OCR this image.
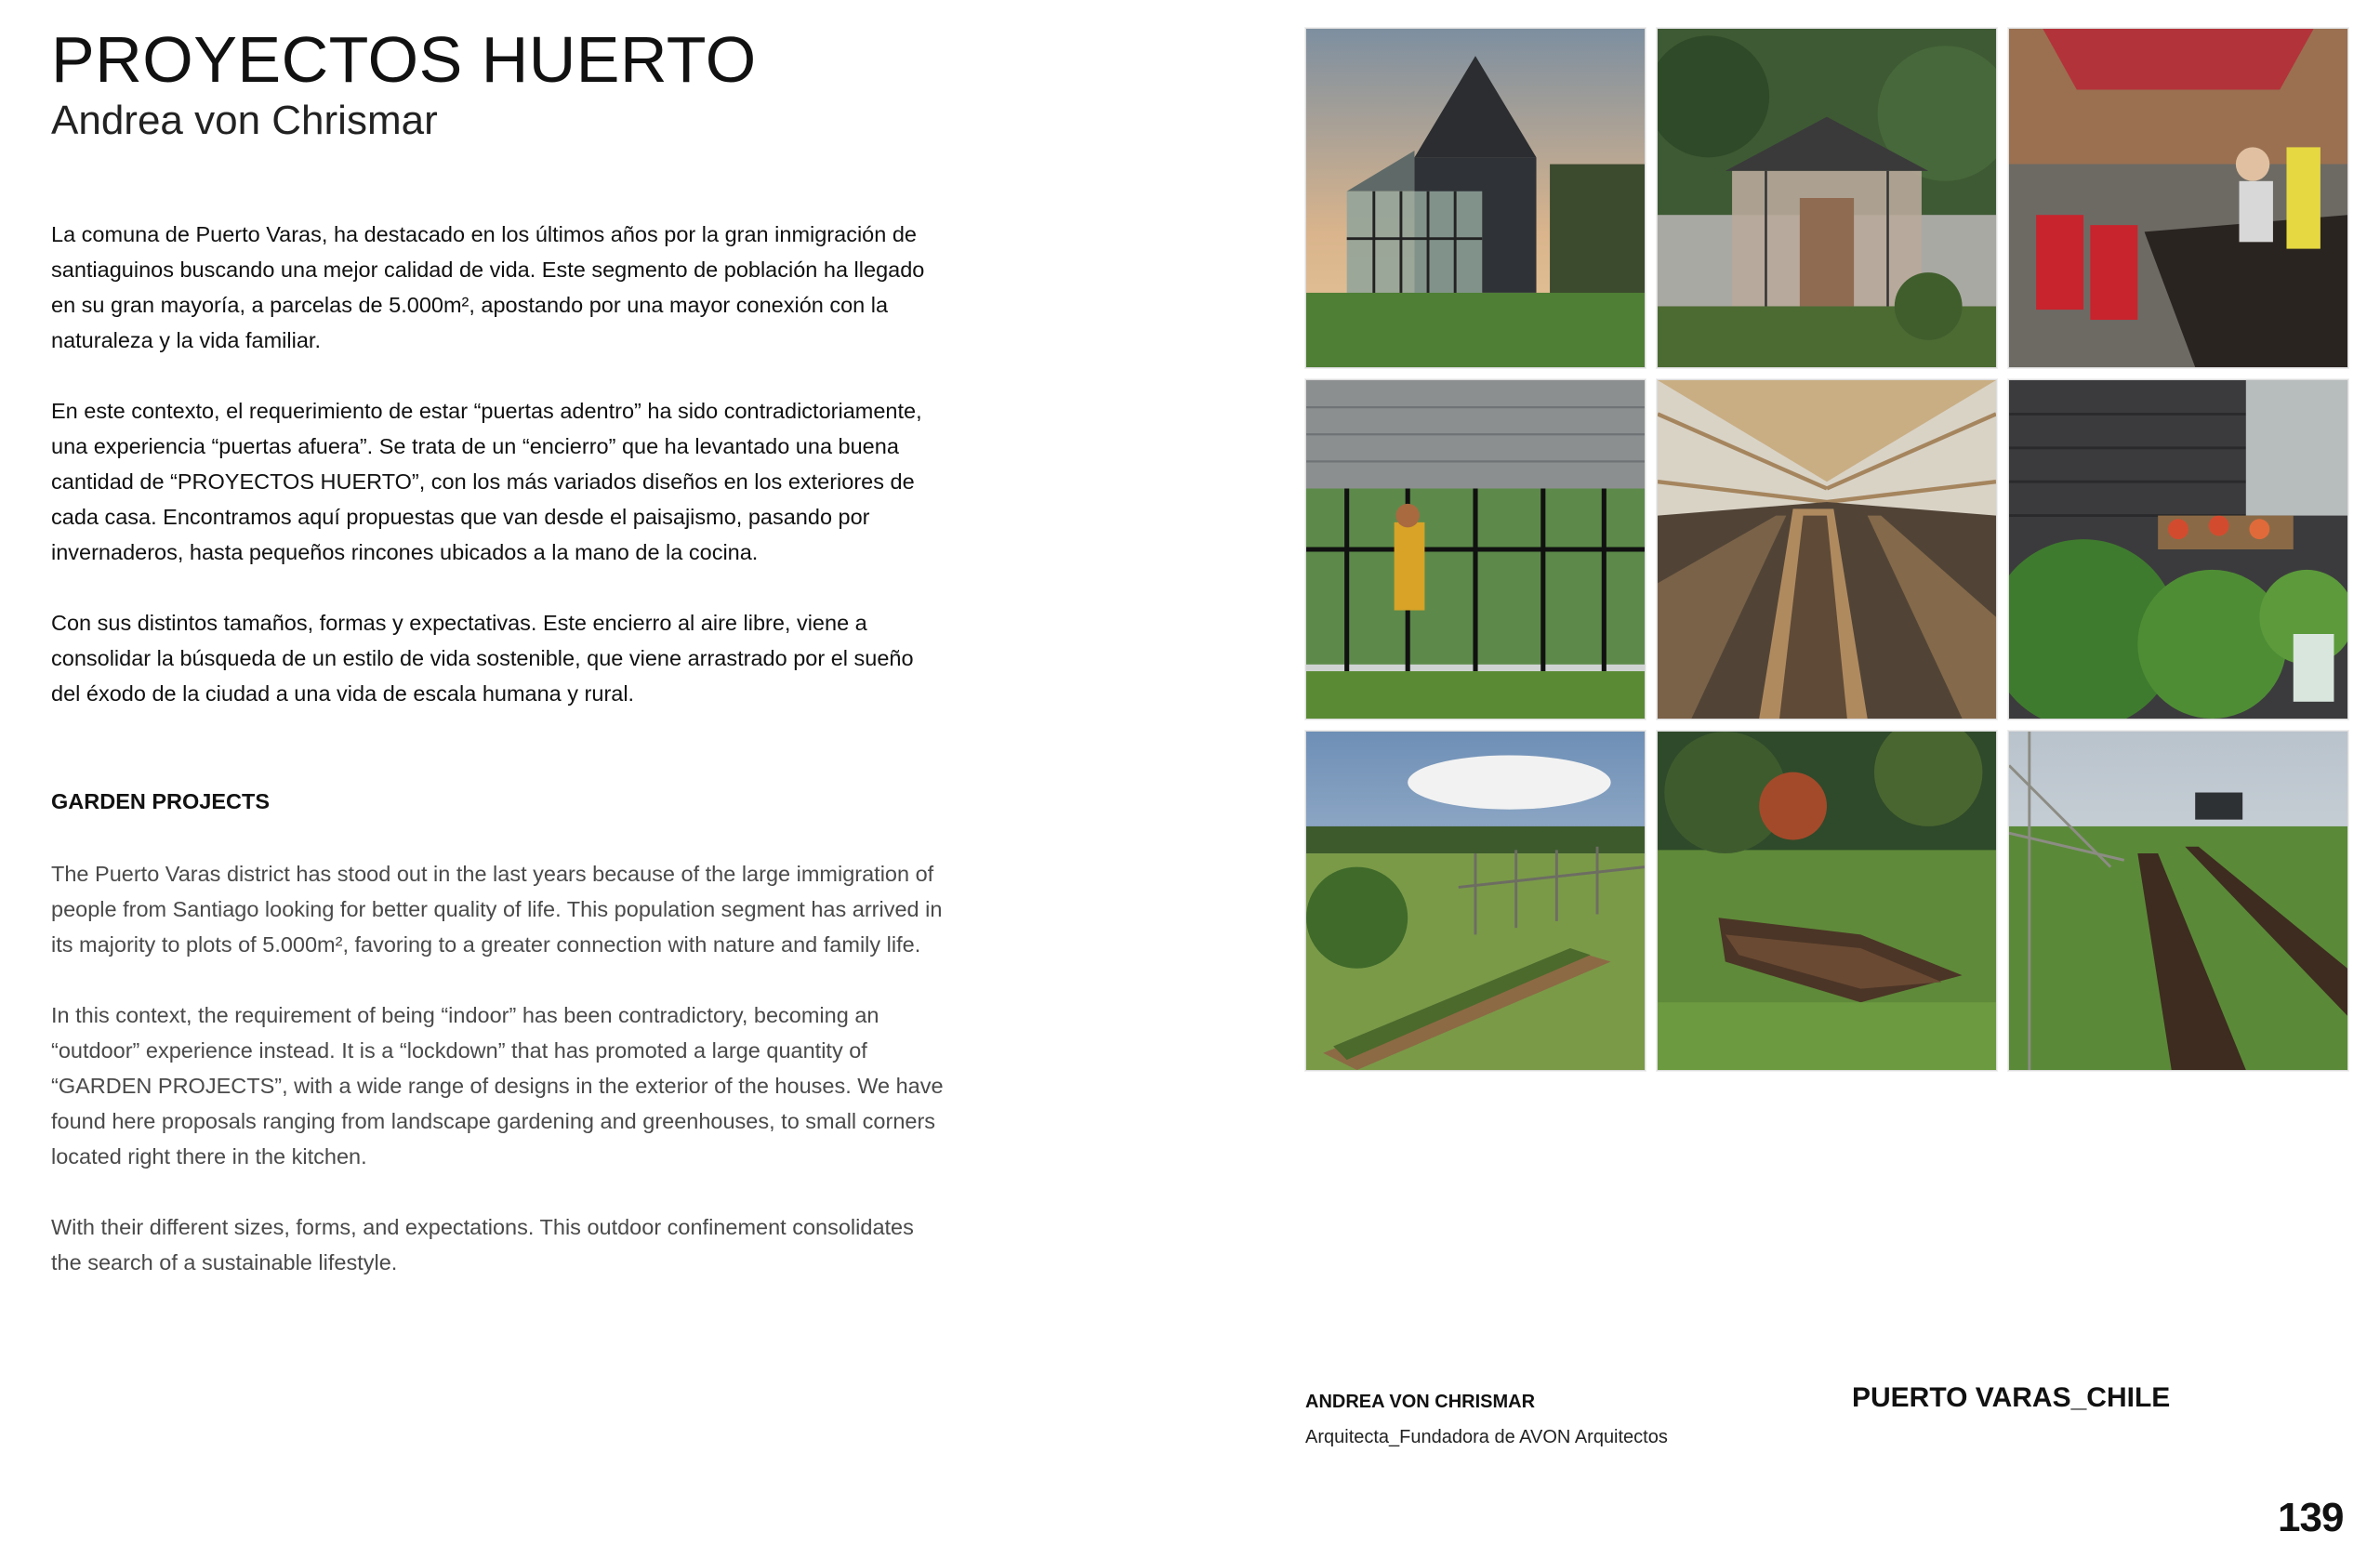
PROYECTOS HUERTO
Andrea von Chrismar

La comuna de Puerto Varas, ha destacado en los últimos años por la gran inmigración de santiaguinos buscando una mejor calidad de vida. Este segmento de población ha llegado en su gran mayoría, a parcelas de 5.000m², apostando por una mayor conexión con la naturaleza y la vida familiar.

En este contexto, el requerimiento de estar “puertas adentro” ha sido contradictoriamente, una experiencia “puertas afuera”. Se trata de un “encierro” que ha levantado una buena cantidad de “PROYECTOS HUERTO”, con los más variados diseños en los exteriores de cada casa. Encontramos aquí propuestas que van desde el paisajismo, pasando por invernaderos, hasta pequeños rincones ubicados a la mano de la cocina.

Con sus distintos tamaños, formas y expectativas. Este encierro al aire libre, viene a consolidar la búsqueda de un estilo de vida sostenible, que viene arrastrado por el sueño del éxodo de la ciudad a una vida de escala humana y rural.

GARDEN PROJECTS

The Puerto Varas district has stood out in the last years because of the large immigration of people from Santiago looking for better quality of life. This population segment has arrived in its majority to plots of 5.000m², favoring to a greater connection with nature and family life.

In this context, the requirement of being “indoor” has been contradictory, becoming an “outdoor” experience instead. It is a “lockdown” that has promoted a large quantity of “GARDEN PROJECTS”, with a wide range of designs in the exterior of the houses. We have found here proposals ranging from landscape gardening and greenhouses, to small corners located right there in the kitchen.

With their different sizes, forms, and expectations. This outdoor confinement consolidates the search of a sustainable lifestyle.

ANDREA VON CHRISMAR
Arquitecta_Fundadora de AVON Arquitectos
PUERTO VARAS_CHILE
139
